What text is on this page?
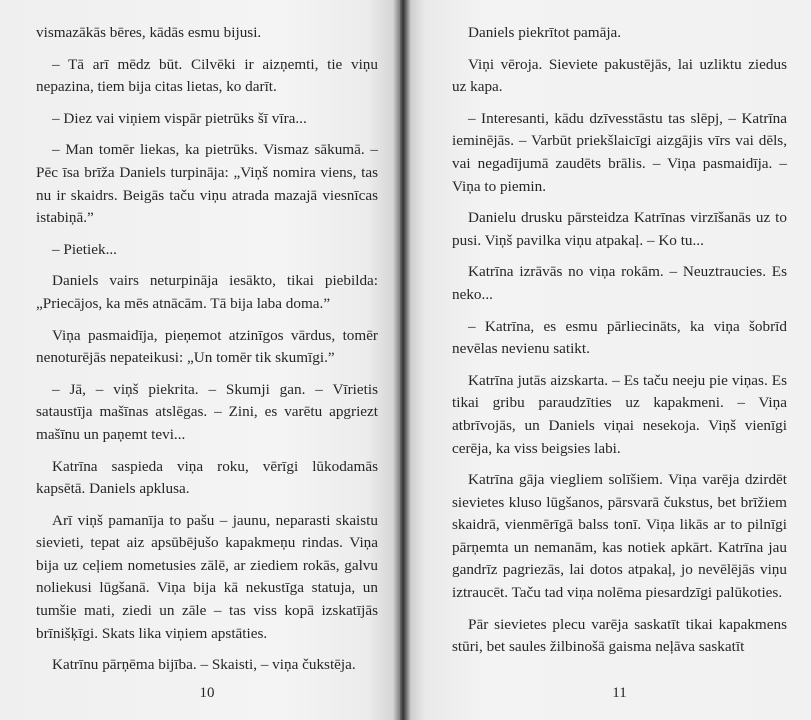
vismazākās bēres, kādās esmu bijusi.

– Tā arī mēdz būt. Cilvēki ir aizņemti, tie viņu nepazina, tiem bija citas lietas, ko darīt.

– Diez vai viņiem vispār pietrūks šī vīra...

– Man tomēr liekas, ka pietrūks. Vismaz sākumā. – Pēc īsa brīža Daniels turpināja: „Viņš nomira viens, tas nu ir skaidrs. Beigās taču viņu atrada mazajā viesnīcas istabiņā.”

– Pietiek...

Daniels vairs neturpināja iesākto, tikai piebilda: „Priecājos, ka mēs atnācām. Tā bija laba doma.”

Viņa pasmaidīja, pieņemot atzinīgos vārdus, tomēr nenoturējās nepateikusi: „Un tomēr tik skumīgi.”

– Jā, – viņš piekrita. – Skumji gan. – Vīrietis sataustīja mašīnas atslēgas. – Zini, es varētu apgriezt mašīnu un paņemt tevi...

Katrīna saspieda viņa roku, vērīgi lūkodamās kapsētā. Daniels apklusa.

Arī viņš pamanīja to pašu – jaunu, neparasti skaistu sievieti, tepat aiz apsūbējušo kapakmeņu rindas. Viņa bija uz ceļiem nometusies zālē, ar ziediem rokās, galvu noliekusi lūgšanā. Viņa bija kā nekustīga statuja, un tumšie mati, ziedi un zāle – tas viss kopā izskatījās brīnišķīgi. Skats lika viņiem apstāties.

Katrīnu pārņēma bijība. – Skaisti, – viņa čukstēja.

10

Daniels piekrītot pamāja.

Viņi vēroja. Sieviete pakustējās, lai uzliktu ziedus uz kapa.

– Interesanti, kādu dzīvesstāstu tas slēpj, – Katrīna ieminējās. – Varbūt priekšlaicīgi aizgājis vīrs vai dēls, vai negadījumā zaudēts brālis. – Viņa pasmaidīja. – Viņa to piemin.

Danielu drusku pārsteidza Katrīnas virzīšanās uz to pusi. Viņš pavilka viņu atpakaļ. – Ko tu...

Katrīna izrāvās no viņa rokām. – Neuztraucies. Es neko...

– Katrīna, es esmu pārliecināts, ka viņa šobrīd nevēlas nevienu satikt.

Katrīna jutās aizskarta. – Es taču neeju pie viņas. Es tikai gribu paraudzīties uz kapakmeni. – Viņa atbrīvojās, un Daniels viņai nesekoja. Viņš vienīgi cerēja, ka viss beigsies labi.

Katrīna gāja viegliem solīšiem. Viņa varēja dzirdēt sievietes kluso lūgšanos, pārsvarā čukstus, bet brīžiem skaidrā, vienmērīgā balss tonī. Viņa likās ar to pilnīgi pārņemta un nemanām, kas notiek apkārt. Katrīna jau gandrīz pagriezās, lai dotos atpakaļ, jo nevēlējās viņu iztraucēt. Taču tad viņa nolēma piesardzīgi palūkoties.

Pār sievietes plecu varēja saskatīt tikai kapakmens stūri, bet saules žilbinošā gaisma neļāva saskatīt

11
